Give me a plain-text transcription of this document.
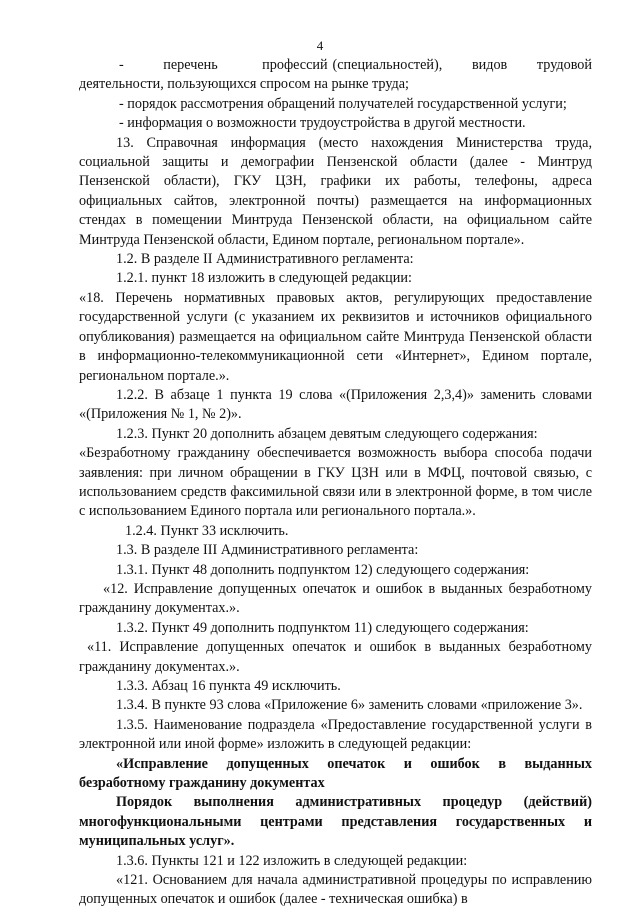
4

-        перечень         профессий (специальностей),      видов      трудовой деятельности, пользующихся спросом на рынке труда;

- порядок рассмотрения обращений получателей государственной услуги;

- информация о возможности трудоустройства в другой местности.

13. Справочная информация (место нахождения Министерства труда, социальной защиты и демографии Пензенской области (далее - Минтруд Пензенской области), ГКУ ЦЗН, графики их работы, телефоны, адреса официальных сайтов, электронной почты) размещается на информационных стендах в помещении Минтруда Пензенской области, на официальном сайте Минтруда Пензенской области, Едином портале, региональном портале».

1.2. В разделе II Административного регламента:

1.2.1. пункт 18 изложить в следующей редакции:

«18. Перечень нормативных правовых актов, регулирующих предоставление государственной услуги (с указанием их реквизитов и источников официального опубликования) размещается на официальном сайте Минтруда Пензенской области в информационно-телекоммуникационной сети «Интернет», Едином портале, региональном портале.».

1.2.2. В абзаце 1 пункта 19 слова «(Приложения 2,3,4)» заменить словами «(Приложения № 1, № 2)».

1.2.3. Пункт 20 дополнить абзацем девятым следующего содержания:

«Безработному гражданину обеспечивается возможность выбора способа подачи заявления: при личном обращении в ГКУ ЦЗН или в МФЦ, почтовой связью, с использованием средств факсимильной связи или в электронной форме, в том числе с использованием Единого портала или регионального портала.».

1.2.4. Пункт 33 исключить.

1.3. В разделе III Административного регламента:

1.3.1. Пункт 48 дополнить подпунктом 12) следующего содержания:

«12. Исправление допущенных опечаток и ошибок в выданных безработному гражданину документах.».

1.3.2. Пункт 49 дополнить подпунктом 11) следующего содержания:

«11. Исправление допущенных опечаток и ошибок в выданных безработному гражданину документах.».

1.3.3. Абзац 16 пункта 49 исключить.

1.3.4. В пункте 93 слова «Приложение 6» заменить словами «приложение 3».

1.3.5. Наименование подраздела «Предоставление государственной услуги в электронной или иной форме» изложить в следующей редакции:

«Исправление допущенных опечаток и ошибок в выданных безработному гражданину документах

Порядок выполнения административных процедур (действий) многофункциональными центрами представления государственных и муниципальных услуг».

1.3.6. Пункты 121 и 122 изложить в следующей редакции:

«121. Основанием для начала административной процедуры по исправлению допущенных опечаток и ошибок (далее - техническая ошибка) в
